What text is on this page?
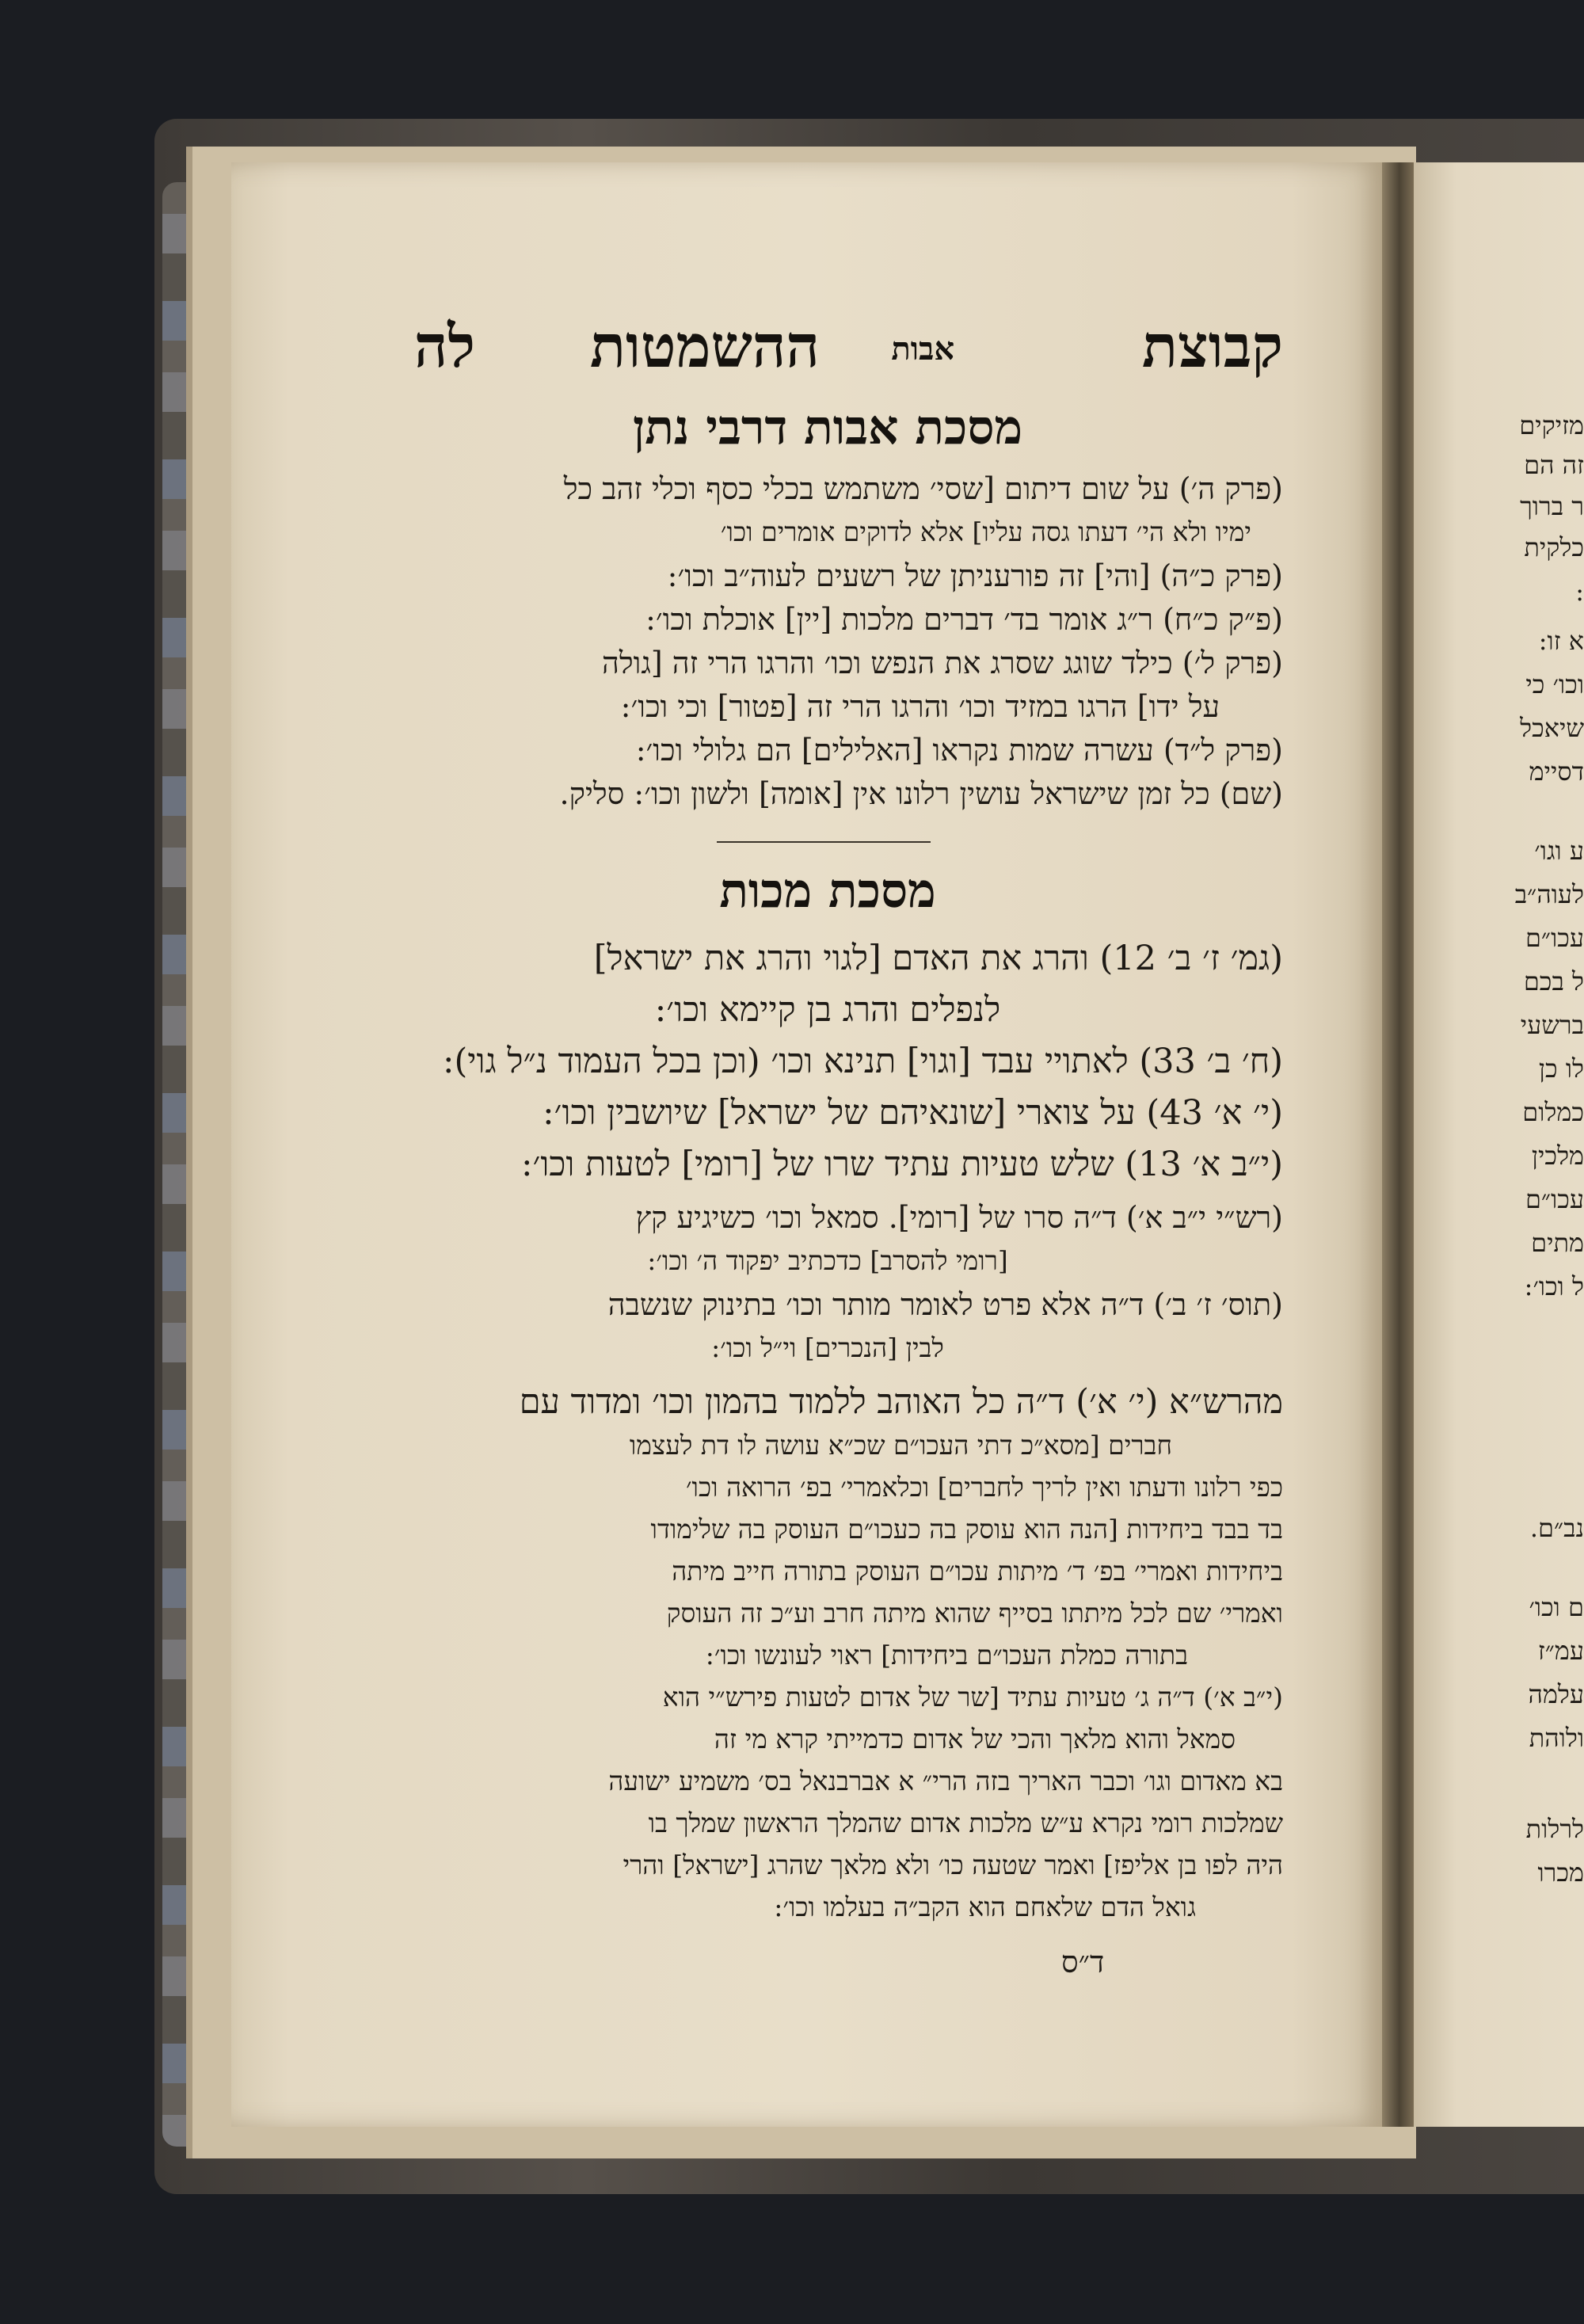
קבוצת
אבות
ההשמטות
לה
מסכת אבות דרבי נתן
(פרק ה׳) על שום דיתום [שסי׳ משתמש בכלי כסף וכלי זהב כל
ימיו ולא הי׳ דעתו גסה עליו] אלא לדוקים אומרים וכו׳
(פרק כ״ה) [והי] זה פורעניתן של רשעים לעוה״ב וכו׳:
(פ״ק כ״ח) ר״ג אומר בד׳ דברים מלכות [יין] אוכלת וכו׳:
(פרק ל׳) כילד שוגג שסרג את הנפש וכו׳ והרגו הרי זה [גולה
על ידו] הרגו במזיד וכו׳ והרגו הרי זה [פטור] וכי וכו׳:
(פרק ל״ד) עשרה שמות נקראו [האלילים] הם גלולי וכו׳:
(שם) כל זמן שישראל עושין רלונו אין [אומה] ולשון וכו׳: סליק.
מסכת מכות
(גמ׳ ז׳ ב׳ 12) והרג את האדם [לגוי והרג את ישראל]
לנפלים והרג בן קיימא וכו׳:
(ח׳ ב׳ 33) לאתויי עבד [וגוי] תנינא וכו׳ (וכן בכל העמוד נ״ל גוי):
(י׳ א׳ 43) על צוארי [שונאיהם של ישראל] שיושבין וכו׳:
(י״ב א׳ 13) שלש טעיות עתיד שרו של [רומי] לטעות וכו׳:
(רש״י י״ב א׳) ד״ה סרו של [רומי]. סמאל וכו׳ כשיגיע קץ
[רומי להסרב] כדכתיב יפקוד ה׳ וכו׳:
(תוס׳ ז׳ ב׳) ד״ה אלא פרט לאומר מותר וכו׳ בתינוק שנשבה
לבין [הנכרים] וי״ל וכו׳:
מהרש״א (י׳ א׳) ד״ה כל האוהב ללמוד בהמון וכו׳ ומדוד עם
חברים [מסא״כ דתי העכו״ם שכ״א עושה לו דת לעצמו
כפי רלונו ודעתו ואין לריך לחברים] וכלאמרי׳ בפ׳ הרואה וכו׳
בד בבד ביחידות [הנה הוא עוסק בה כעכו״ם העוסק בה שלימודו
ביחידות ואמרי׳ בפ׳ ד׳ מיתות עכו״ם העוסק בתורה חייב מיתה
ואמרי׳ שם לכל מיתתו בסייף שהוא מיתה חרב וע״כ זה העוסק
בתורה כמלת העכו״ם ביחידות] ראוי לעונשו וכו׳:
(י״ב א׳) ד״ה ג׳ טעיות עתיד [שר של אדום לטעות פירש״י הוא
סמאל והוא מלאך והכי של אדום כדמייתי קרא מי זה
בא מאדום וגו׳ וכבר האריך בזה הרי״ א אברבנאל בס׳ משמיע ישועה
שמלכות רומי נקרא ע״ש מלכות אדום שהמלך הראשון שמלך בו
היה לפו בן אליפז] ואמר שטעה כו׳ ולא מלאך שהרג [ישראל] והרי
גואל הדם שלאחם הוא הקב״ה בעלמו וכו׳:
ד״ס
מזיקים
זה הם
ר ברוך
כלקית
:
א זו:
וכו׳ כי
שיאכל
דסיימ
ע וגו׳
לעוה״ב
עכו״ם
ל בכם
ברשעי
לו כן
כמלום
מלכין
עכו״ם
מתים
ל וכו׳:
נב״ם.
ם וכו׳
עמ״ז
עלמה
ולוהת
לרלות
מכרו
